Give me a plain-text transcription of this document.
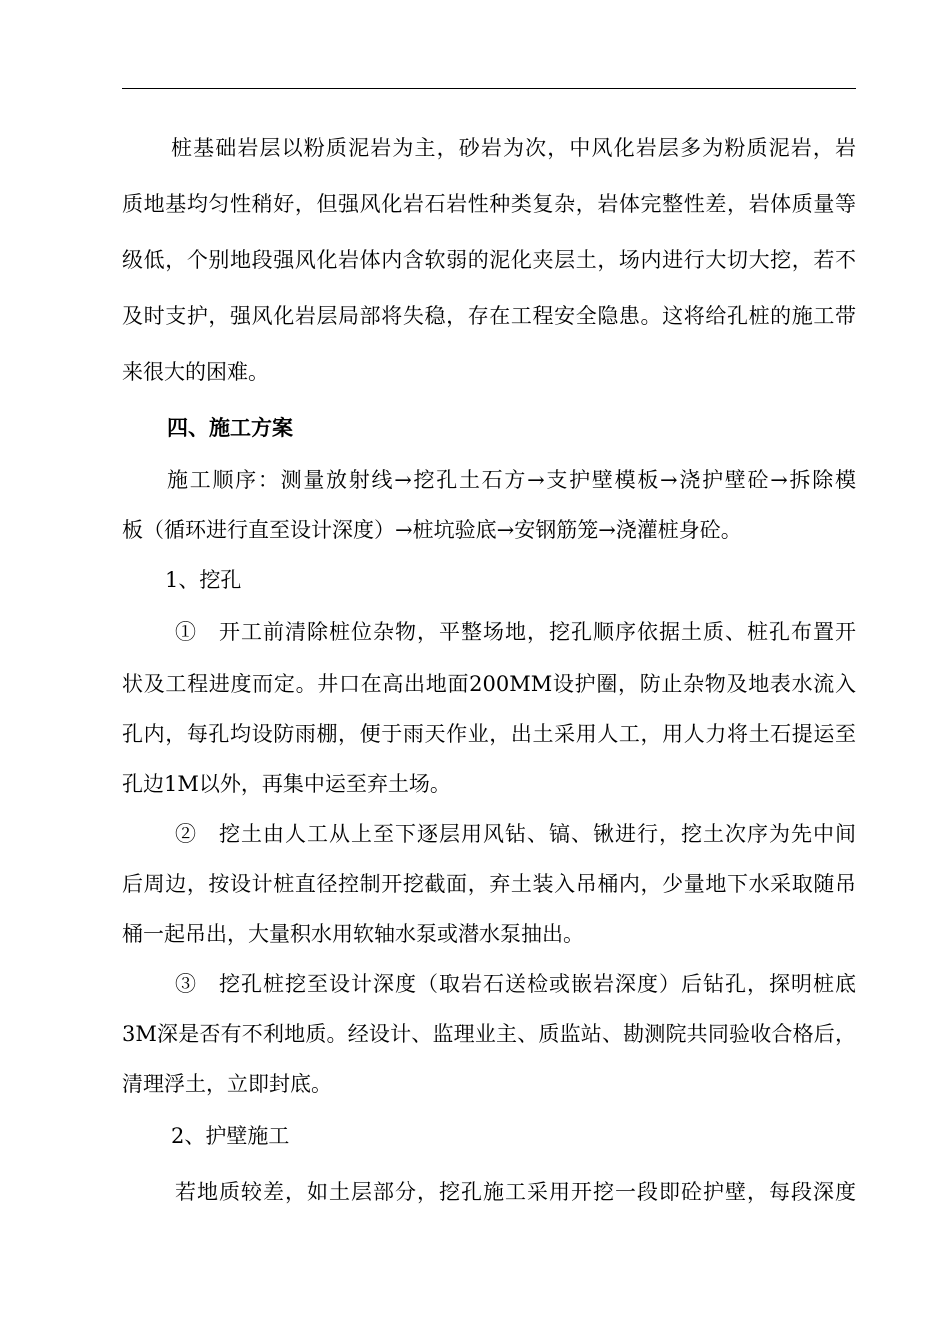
桩基础岩层以粉质泥岩为主，砂岩为次，中风化岩层多为粉质泥岩，岩
质地基均匀性稍好，但强风化岩石岩性种类复杂，岩体完整性差，岩体质量等
级低，个别地段强风化岩体内含软弱的泥化夹层土，场内进行大切大挖，若不
及时支护，强风化岩层局部将失稳，存在工程安全隐患。这将给孔桩的施工带
来很大的困难。
四、施工方案
施工顺序：测量放射线→挖孔土石方→支护壁模板→浇护壁砼→拆除模
板（循环进行直至设计深度）→桩坑验底→安钢筋笼→浇灌桩身砼。
1、挖孔
①　开工前清除桩位杂物，平整场地，挖孔顺序依据土质、桩孔布置开
状及工程进度而定。井口在高出地面200MM设护圈，防止杂物及地表水流入
孔内，每孔均设防雨棚，便于雨天作业，出土采用人工，用人力将土石提运至
孔边1M以外，再集中运至弃土场。
②　挖土由人工从上至下逐层用风钻、镐、锹进行，挖土次序为先中间
后周边，按设计桩直径控制开挖截面，弃土装入吊桶内，少量地下水采取随吊
桶一起吊出，大量积水用软轴水泵或潜水泵抽出。
③　挖孔桩挖至设计深度（取岩石送检或嵌岩深度）后钻孔，探明桩底
3M深是否有不利地质。经设计、监理业主、质监站、勘测院共同验收合格后，
清理浮土，立即封底。
2、护壁施工
若地质较差，如土层部分，挖孔施工采用开挖一段即砼护壁，每段深度
